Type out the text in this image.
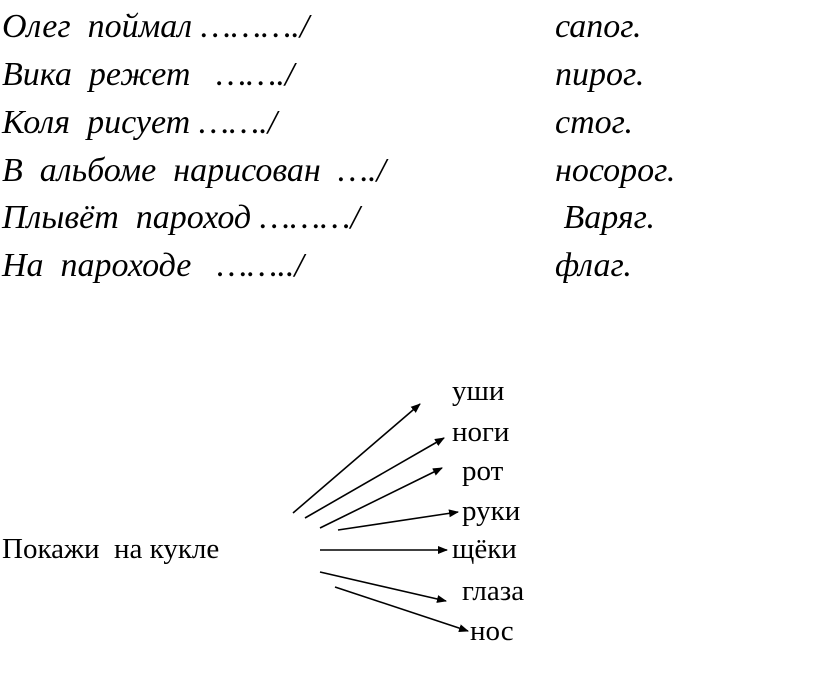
Олег  поймал ………./	сапог.
Вика  режет   ……./	пирог.
Коля  рисует ……./	стог.
В  альбоме  нарисован  …./	носорог.
Плывёт  пароход ………/	Варяг.
На  пароходе   ……../	флаг.
Покажи  на кукле
уши
ноги
рот
руки
щёки
глаза
нос
